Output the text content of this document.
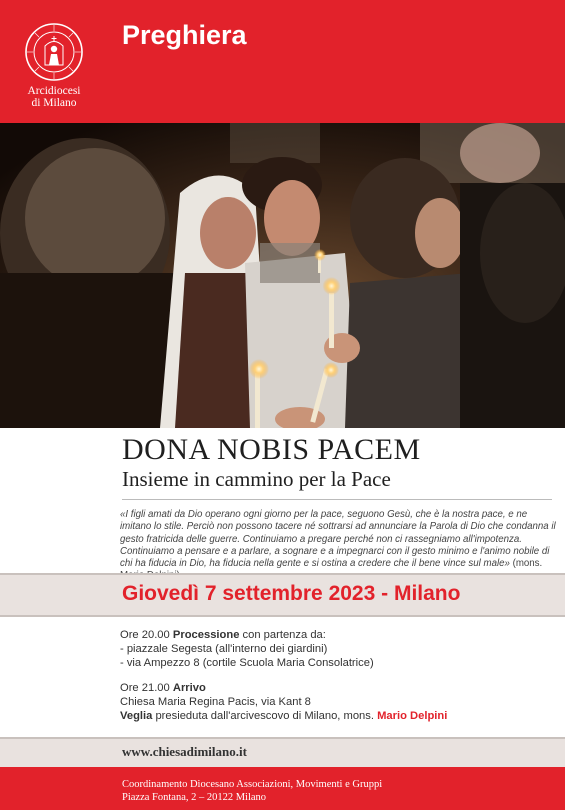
Arcidiocesi
di Milano
Preghiera
DONA NOBIS PACEM
Insieme in cammino per la Pace
«I figli amati da Dio operano ogni giorno per la pace, seguono Gesù, che è la nostra pace, e ne imitano lo stile. Perciò non possono tacere né sottrarsi ad annunciare la Parola di Dio che condanna il gesto fratricida delle guerre. Continuiamo a pregare perché non ci rassegniamo all'impotenza. Continuiamo a pensare e a parlare, a sognare e a impegnarci con il gesto minimo e l'animo nobile di chi ha fiducia in Dio, ha fiducia nella gente e si ostina a credere che il bene vince sul male» (mons.
Giovedì 7 settembre 2023 - Milano
Ore 20.00 Processione con partenza da:
- piazzale Segesta (all'interno dei giardini)
- via Ampezzo 8 (cortile Scuola Maria Consolatrice)
Ore 21.00 Arrivo
Chiesa Maria Regina Pacis, via Kant 8
Veglia presieduta dall'arcivescovo di Milano, mons. Mario Delpini
www.chiesadimilano.it
Coordinamento Diocesano Associazioni, Movimenti e Gruppi
Piazza Fontana, 2 – 20122 Milano
